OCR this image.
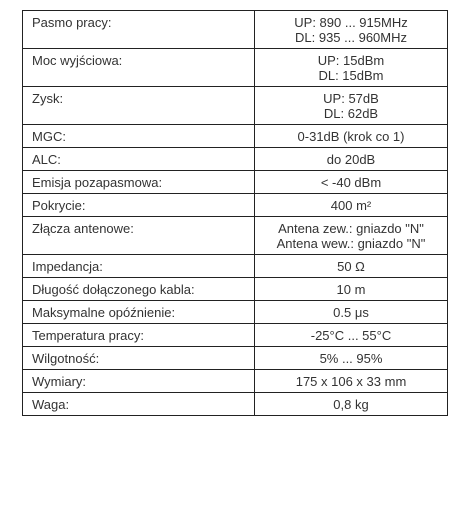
Pasmo pracy:	UP: 890 ... 915MHz
DL: 935 ... 960MHz

Moc wyjściowa:	UP: 15dBm
DL: 15dBm

Zysk:	UP: 57dB
DL: 62dB

MGC:	0-31dB (krok co 1)

ALC:	do 20dB

Emisja pozapasmowa:	< -40 dBm

Pokrycie:	400 m²

Złącza antenowe:	Antena zew.: gniazdo "N"
Antena wew.: gniazdo "N"

Impedancja:	50 Ω

Długość dołączonego kabla:	10 m

Maksymalne opóźnienie:	0.5 μs

Temperatura pracy:	-25°C ... 55°C

Wilgotność:	5% ... 95%

Wymiary:	175 x 106 x 33 mm

Waga:	0,8 kg
